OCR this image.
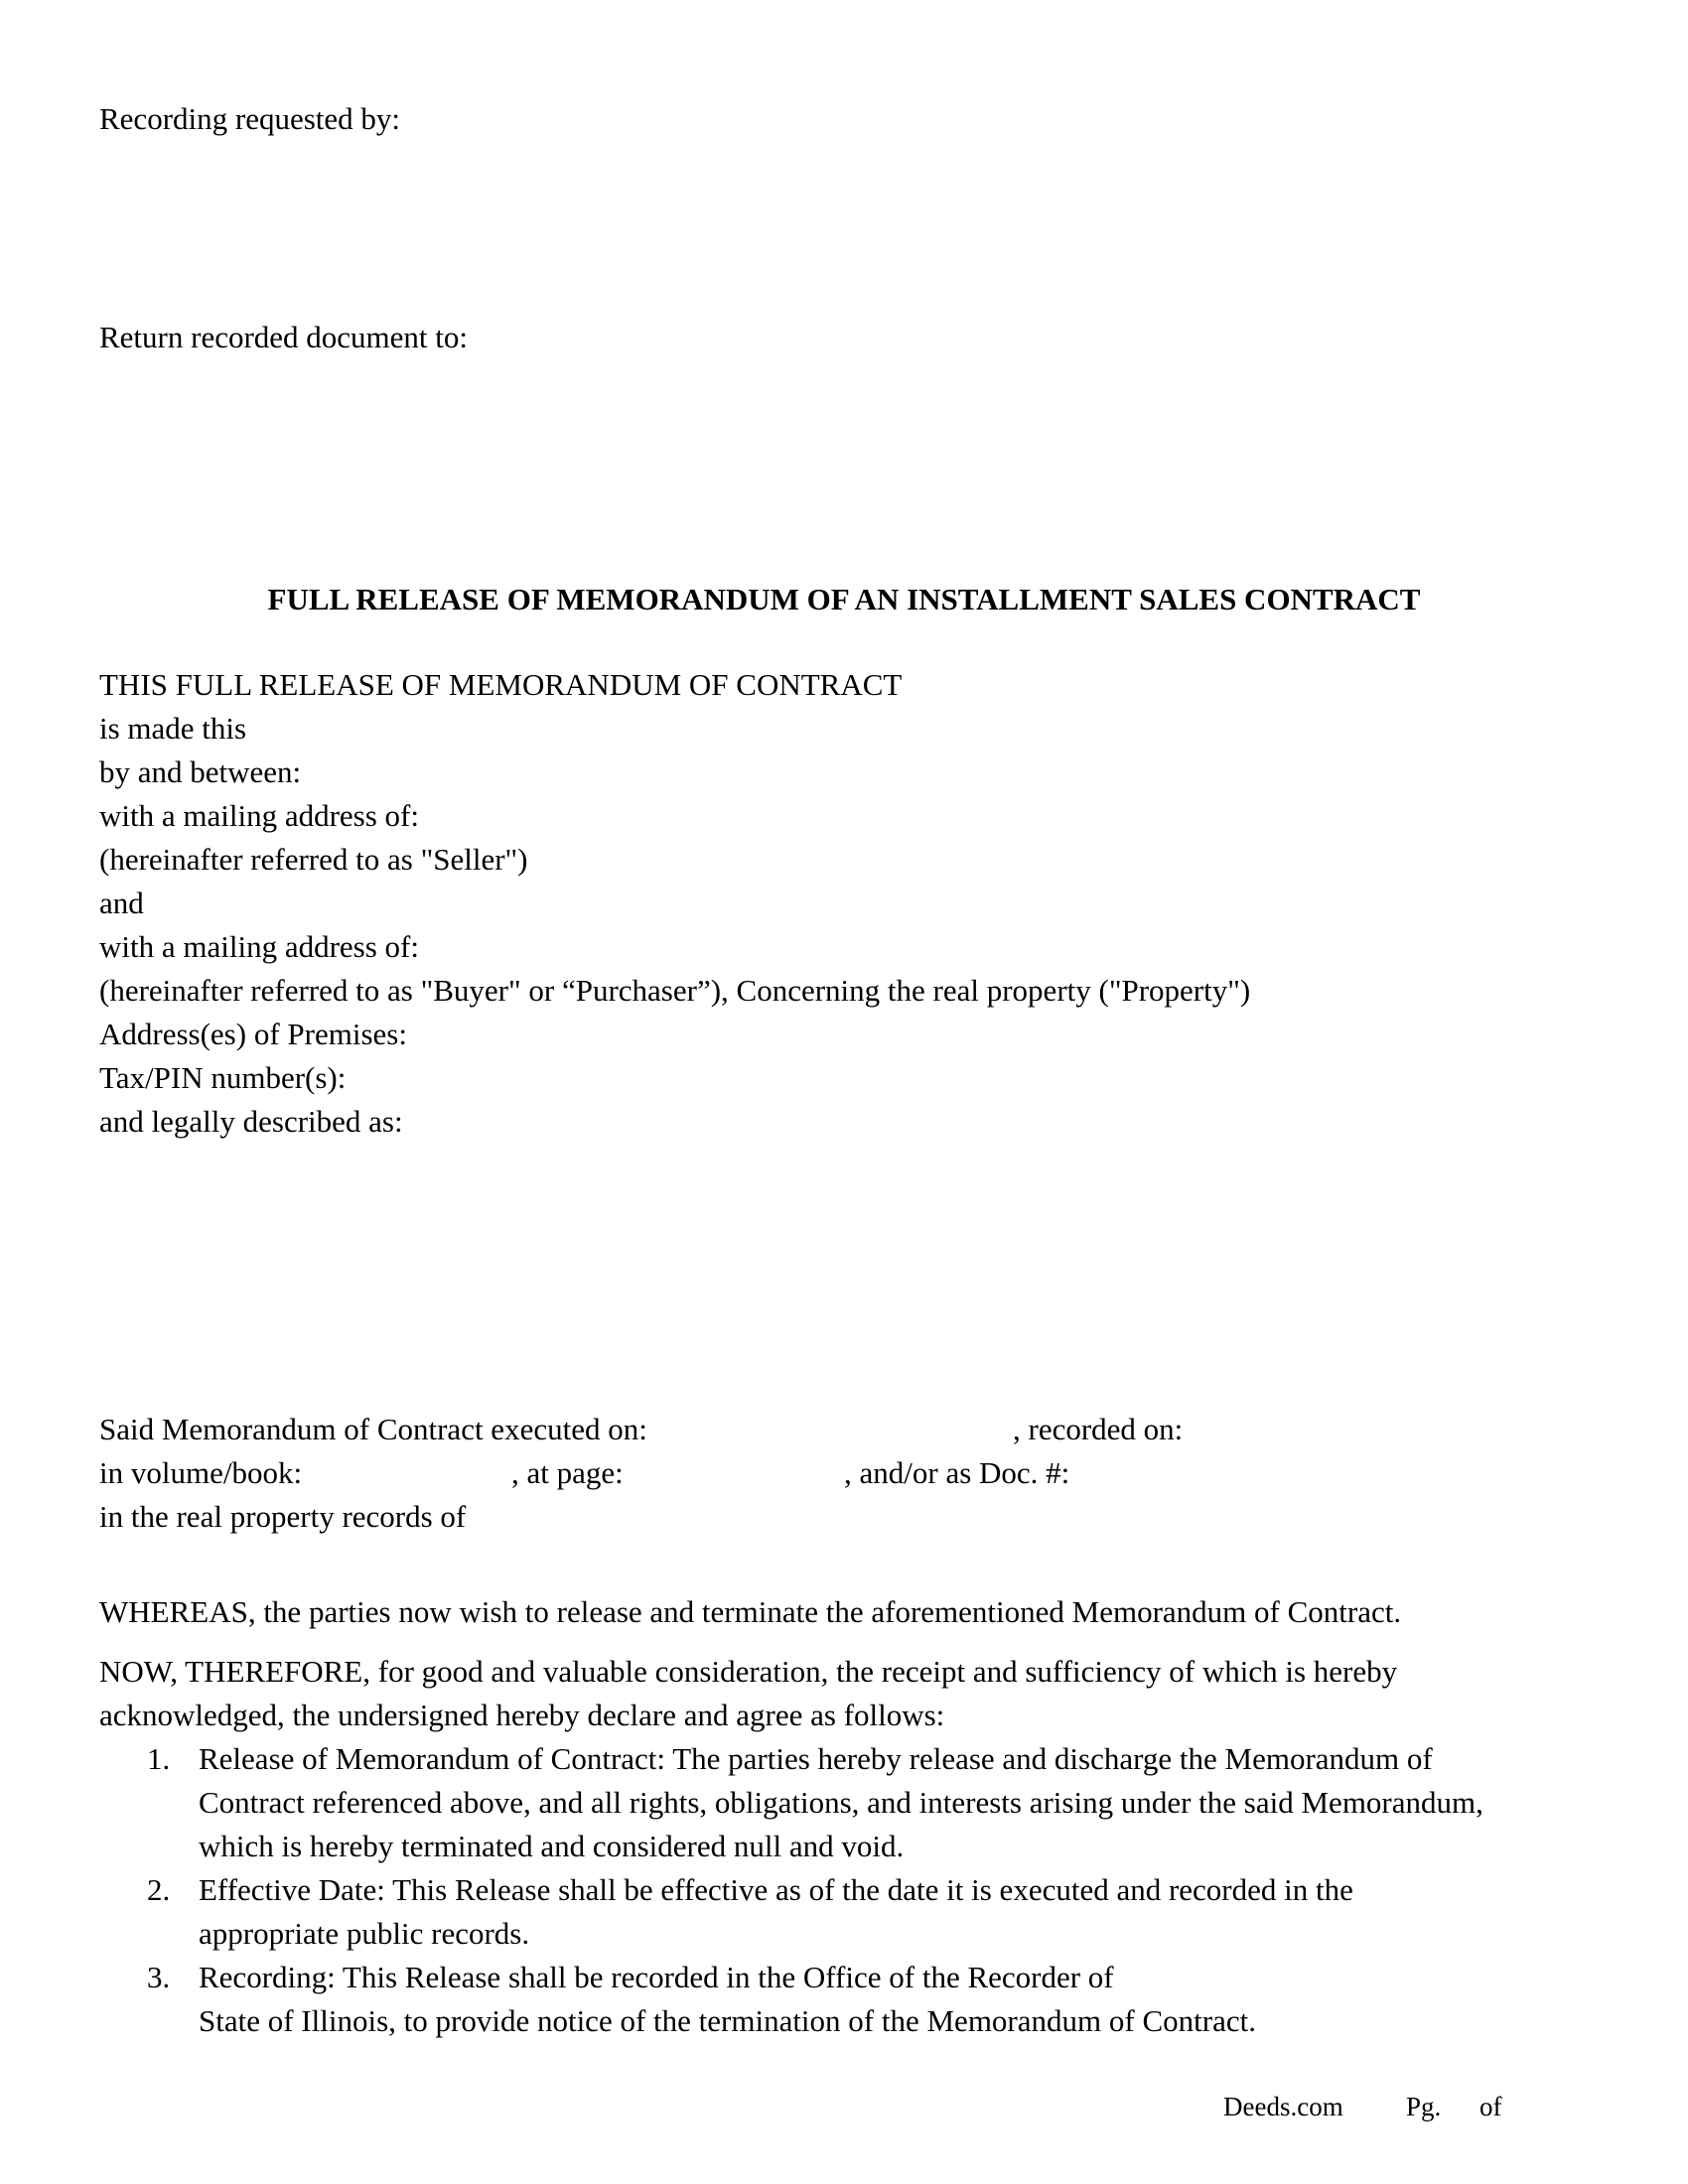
Recording requested by:
Return recorded document to:
FULL RELEASE OF MEMORANDUM OF AN INSTALLMENT SALES CONTRACT
THIS FULL RELEASE OF MEMORANDUM OF CONTRACT
is made this
by and between:
with a mailing address of:
(hereinafter referred to as "Seller")
and
with a mailing address of:
(hereinafter referred to as "Buyer" or “Purchaser”), Concerning the real property ("Property")
Address(es) of Premises:
Tax/PIN number(s):
and legally described as:
Said Memorandum of Contract executed on:	, recorded on:
in volume/book:	, at page:	, and/or as Doc. #:
in the real property records of
WHEREAS, the parties now wish to release and terminate the aforementioned Memorandum of Contract.
NOW, THEREFORE, for good and valuable consideration, the receipt and sufficiency of which is hereby
acknowledged, the undersigned hereby declare and agree as follows:
1. Release of Memorandum of Contract: The parties hereby release and discharge the Memorandum of
Contract referenced above, and all rights, obligations, and interests arising under the said Memorandum,
which is hereby terminated and considered null and void.
2. Effective Date: This Release shall be effective as of the date it is executed and recorded in the
appropriate public records.
3. Recording: This Release shall be recorded in the Office of the Recorder of
State of Illinois, to provide notice of the termination of the Memorandum of Contract.
Deeds.com Pg. of
